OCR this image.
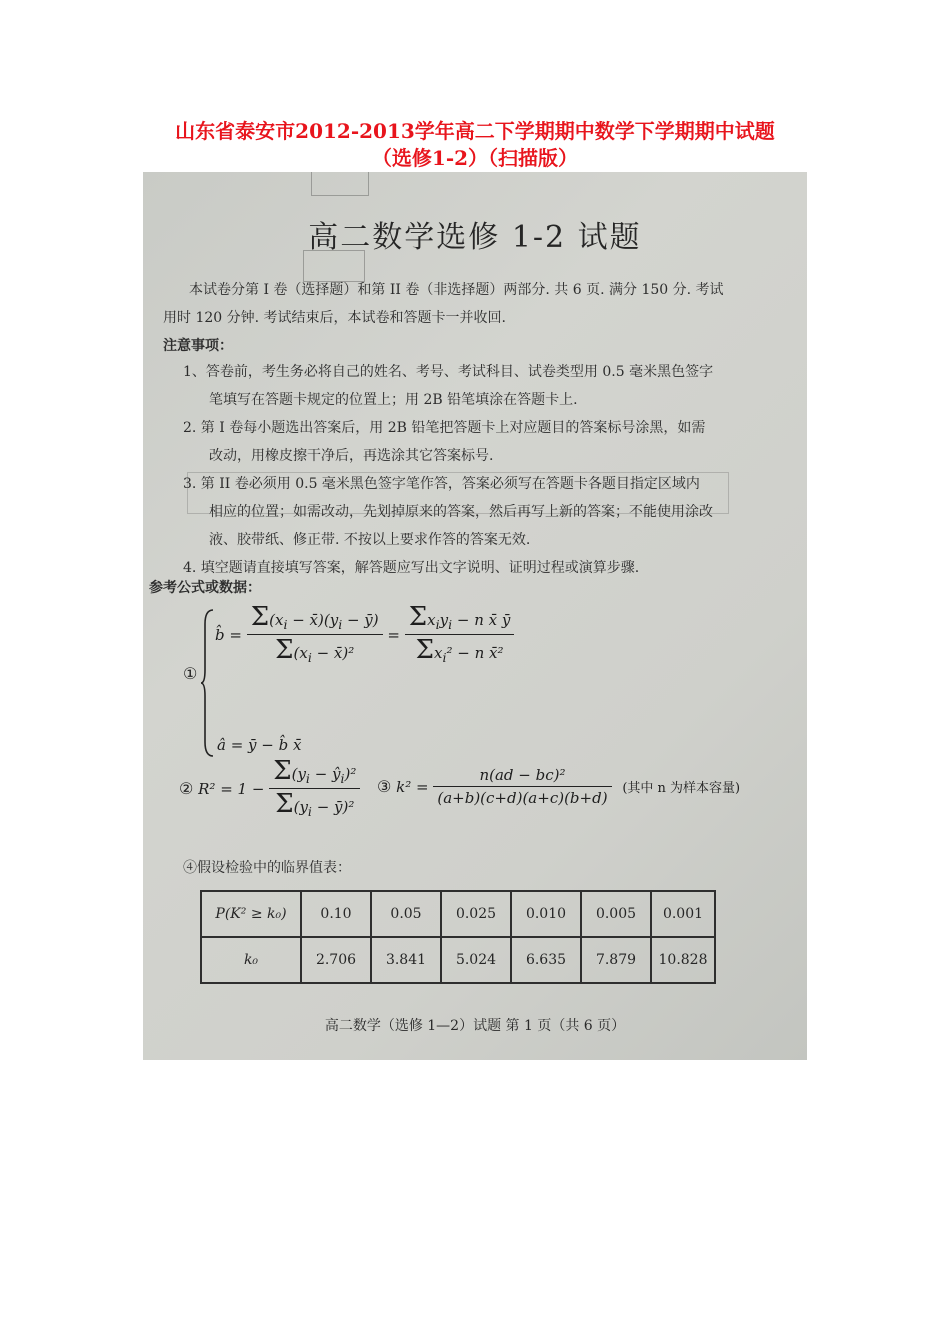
山东省泰安市2012-2013学年高二下学期期中数学下学期期中试题
（选修1-2）（扫描版）
高二数学选修 1-2 试题
本试卷分第 I 卷（选择题）和第 II 卷（非选择题）两部分. 共 6 页. 满分 150 分. 考试
用时 120 分钟. 考试结束后，本试卷和答题卡一并收回.
注意事项：
1、答卷前，考生务必将自己的姓名、考号、考试科目、试卷类型用 0.5 毫米黑色签字
笔填写在答题卡规定的位置上；用 2B 铅笔填涂在答题卡上.
2. 第 I 卷每小题选出答案后，用 2B 铅笔把答题卡上对应题目的答案标号涂黑，如需
改动，用橡皮擦干净后，再选涂其它答案标号.
3. 第 II 卷必须用 0.5 毫米黑色签字笔作答，答案必须写在答题卡各题目指定区域内
相应的位置；如需改动，先划掉原来的答案，然后再写上新的答案；不能使用涂改
液、胶带纸、修正带. 不按以上要求作答的答案无效.
4. 填空题请直接填写答案，解答题应写出文字说明、证明过程或演算步骤.
参考公式或数据：
①
b̂ = $\frac{\Sigma(x_i - x̄)(y_i - ȳ)}{\Sigma(x_i - x̄)^2} = \frac{\Sigma x_iy_i - n x̄ ȳ}{\Sigma x_i^2 - n x̄^2}$
â = ȳ − b̂ x̄
② $R^2 = 1 - \frac{\Sigma(y_i - ŷ_i)^2}{\Sigma(y_i - ȳ)^2}$ ③ $k^2 = \frac{\text{n(ad − bc)²}}{(a+b)(c+d)(a+c)(b+d)}$ (其中 n 为样本容量)
④假设检验中的临界值表：
P(K² ≥ k₀)	0.10	0.05	0.025	0.010	0.005	0.001
k₀	2.706	3.841	5.024	6.635	7.879	10.828
高二数学（选修 1—2）试题 第 1 页（共 6 页）
